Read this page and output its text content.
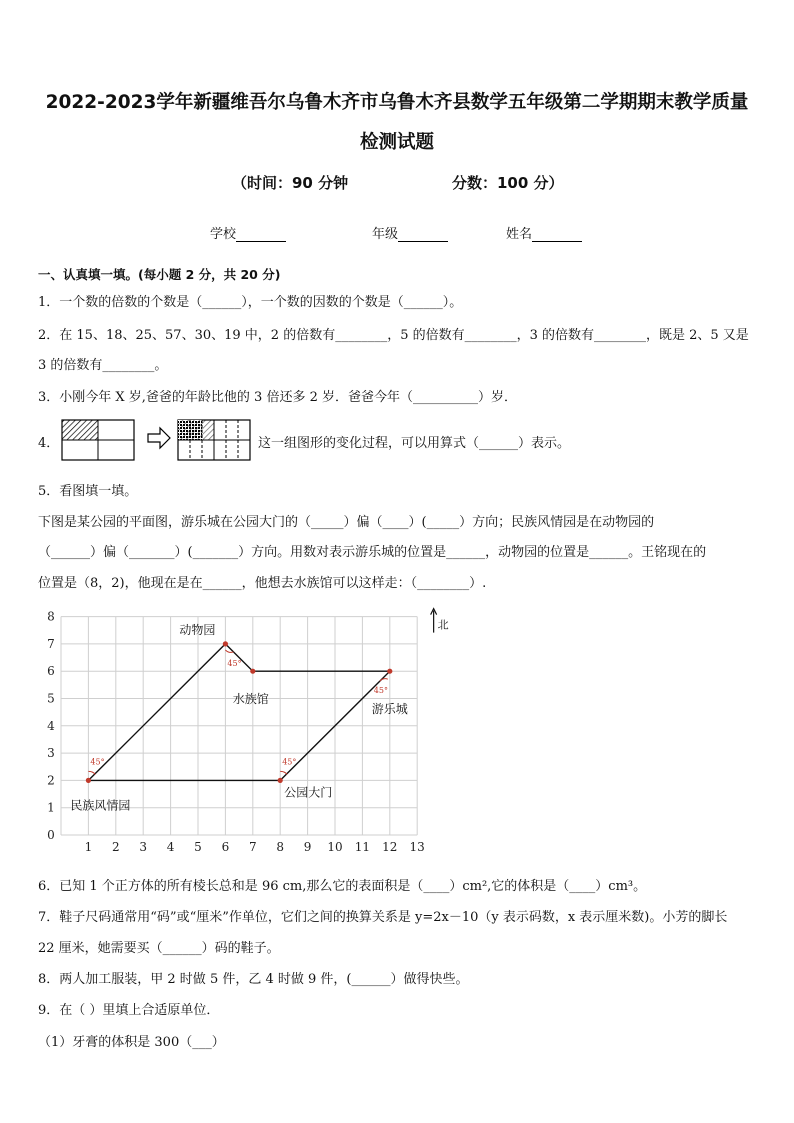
2022-2023学年新疆维吾尔乌鲁木齐市乌鲁木齐县数学五年级第二学期期末教学质量
检测试题
（时间：90 分钟	分数：100 分）
学校	年级	姓名
一、认真填一填。(每小题 2 分，共 20 分)
1．一个数的倍数的个数是（______），一个数的因数的个数是（______）。
2．在 15、18、25、57、30、19 中，2 的倍数有________，5 的倍数有________，3 的倍数有________，既是 2、5 又是
3 的倍数有________。
3．小刚今年 X 岁,爸爸的年龄比他的 3 倍还多 2 岁．爸爸今年（__________）岁．
4．	这一组图形的变化过程，可以用算式（______）表示。
5．看图填一填。
下图是某公园的平面图，游乐城在公园大门的（_____）偏（____）(_____）方向；民族风情园是在动物园的
（______）偏（_______）(_______）方向。用数对表示游乐城的位置是______，动物园的位置是______。王铭现在的
位置是（8，2)，他现在是在______，他想去水族馆可以这样走：（________）.
1 2 3 4 5 6 7 8 9 10 11 12 13
0
1
2
3
4
5
6
7
8
动物园
水族馆
游乐城
公园大门
民族风情园
45°
45°
45°	45°
北
6．已知 1 个正方体的所有棱长总和是 96 cm,那么它的表面积是（____）cm²,它的体积是（____）cm³。
7．鞋子尺码通常用“码”或“厘米”作单位，它们之间的换算关系是 y=2x－10（y 表示码数，x 表示厘米数)。小芳的脚长
22 厘米，她需要买（______）码的鞋子。
8．两人加工服装，甲 2 时做 5 件，乙 4 时做 9 件，(______）做得快些。
9．在（ ）里填上合适原单位．
（1）牙膏的体积是 300（___）
